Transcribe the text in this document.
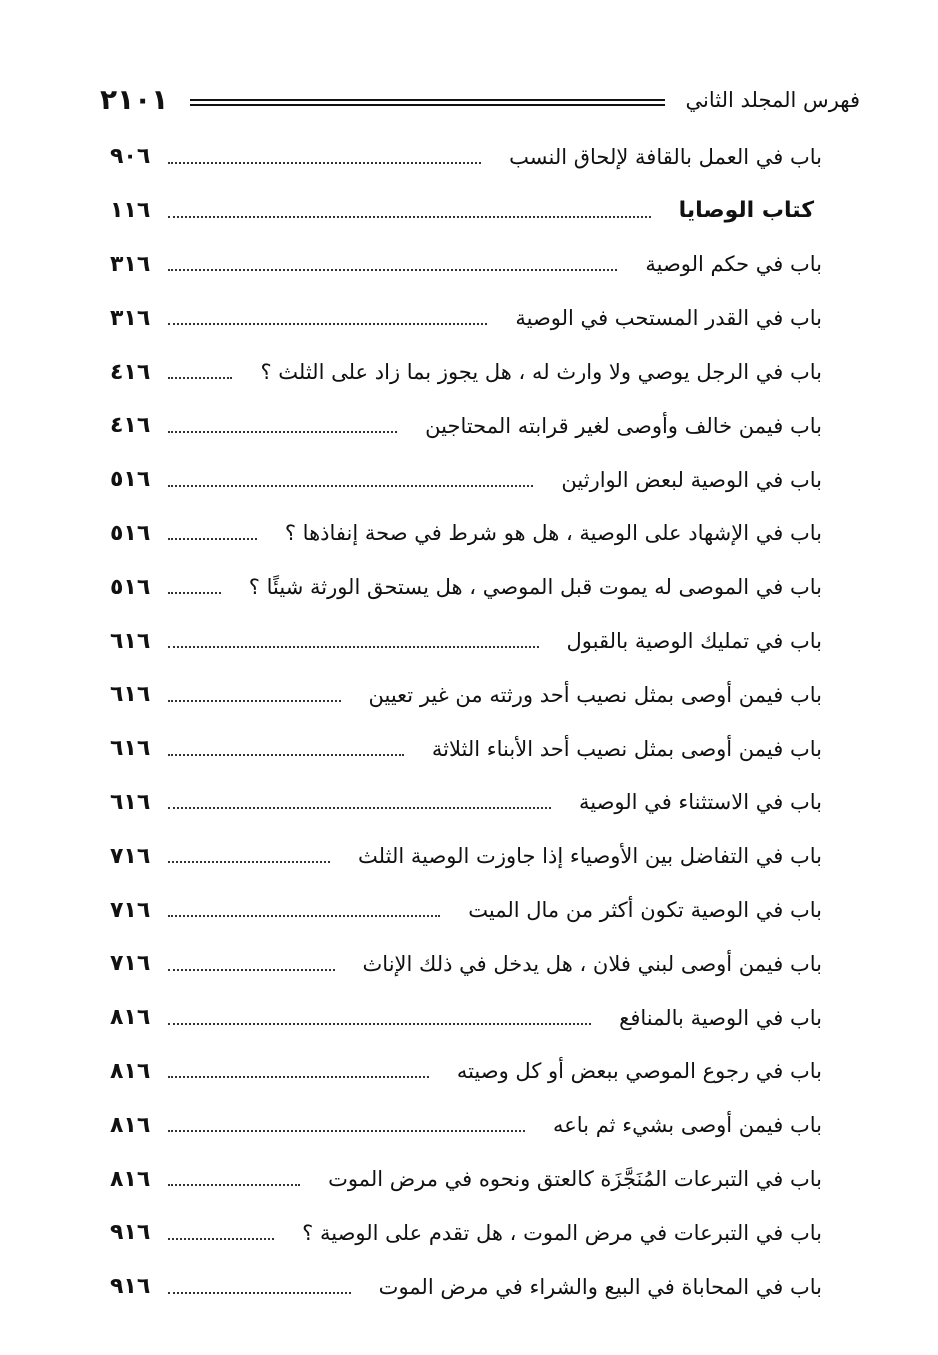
١٠١٢	فهرس المجلد الثاني
باب في العمل بالقافة لإلحاق النسب
٦٠٩
كتاب الوصايا
٦١١
باب في حكم الوصية
٦١٣
باب في القدر المستحب في الوصية
٦١٣
باب في الرجل يوصي ولا وارث له ، هل يجوز بما زاد على الثلث ؟
٦١٤
باب فيمن خالف وأوصى لغير قرابته المحتاجين
٦١٤
باب في الوصية لبعض الوارثين
٦١٥
باب في الإشهاد على الوصية ، هل هو شرط في صحة إنفاذها ؟
٦١٥
باب في الموصى له يموت قبل الموصي ، هل يستحق الورثة شيئًا ؟
٦١٥
باب في تمليك الوصية بالقبول
٦١٦
باب فيمن أوصى بمثل نصيب أحد ورثته من غير تعيين
٦١٦
باب فيمن أوصى بمثل نصيب أحد الأبناء الثلاثة
٦١٦
باب في الاستثناء في الوصية
٦١٦
باب في التفاضل بين الأوصياء إذا جاوزت الوصية الثلث
٦١٧
باب في الوصية تكون أكثر من مال الميت
٦١٧
باب فيمن أوصى لبني فلان ، هل يدخل في ذلك الإناث
٦١٧
باب في الوصية بالمنافع
٦١٨
باب في رجوع الموصي ببعض أو كل وصيته
٦١٨
باب فيمن أوصى بشيء ثم باعه
٦١٨
باب في التبرعات المُنَجَّزَة كالعتق ونحوه في مرض الموت
٦١٨
باب في التبرعات في مرض الموت ، هل تقدم على الوصية ؟
٦١٩
باب في المحاباة في البيع والشراء في مرض الموت
٦١٩
